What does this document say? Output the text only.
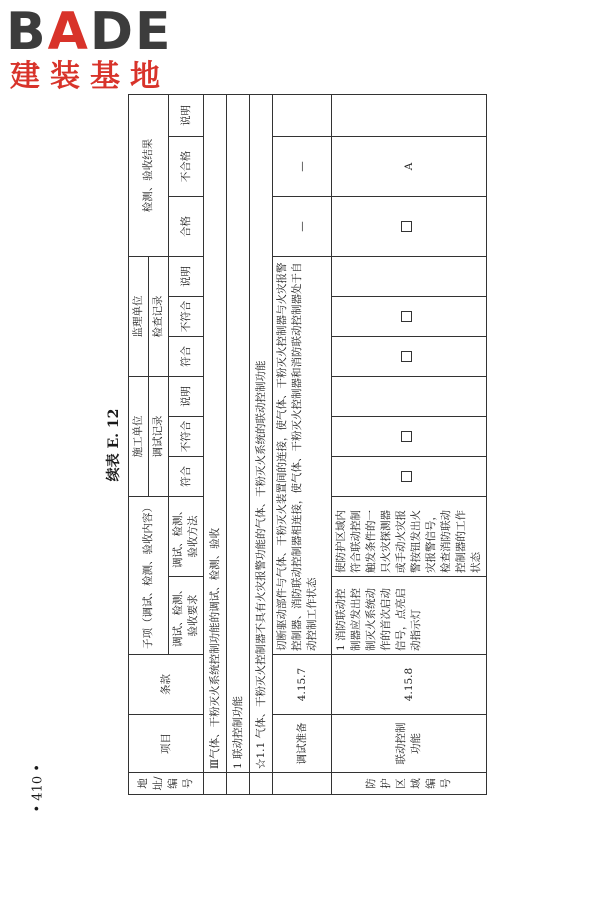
BADE
建装基地
续表 E. 12
地址/编号	项目	条款	子项（调试、检测、验收内容）		施工单位			监理单位			检测、验收结果		
					调试记录			检查记录					
			调试、检测、验收要求	调试、检测、验收方法	符合	不符合	说明	符合	不符合	说明	合格	不合格	说明
	Ⅲ气体、干粉灭火系统控制功能的调试、检测、验收												
	1 联动控制功能												
	☆1.1 气体、干粉灭火控制器不具有火灾报警功能的气体、干粉灭火系统的联动控制功能												
	调试准备	4.15.7	切断驱动部件与气体、干粉灭火装置间的连接，使气体、干粉灭火控制器与火灾报警控制器、消防联动控制器相连接，使气体、干粉灭火控制器和消防联动控制器处于自动控制工作状态								—	—	
防护区域编号	联动控制功能	4.15.8	1 消防联动控制器应发出控制灭火系统动作的首次启动信号，点亮启动指示灯	使防护区域内符合联动控制触发条件的一只火灾探测器或手动火灾报警按钮发出火灾报警信号，检查消防联动控制器的工作状态								A	
• 410 •
